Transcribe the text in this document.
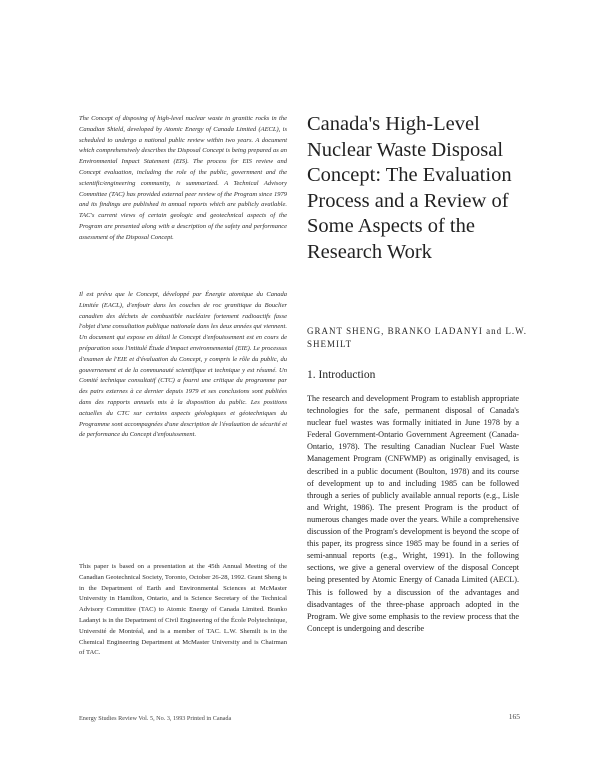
The Concept of disposing of high-level nuclear waste in granitic rocks in the Canadian Shield, developed by Atomic Energy of Canada Limited (AECL), is scheduled to undergo a national public review within two years. A document which comprehensively describes the Disposal Concept is being prepared as an Environmental Impact Statement (EIS). The process for EIS review and Concept evaluation, including the role of the public, government and the scientific/engineering community, is summarized. A Technical Advisory Committee (TAC) has provided external peer review of the Program since 1979 and its findings are published in annual reports which are publicly available. TAC's current views of certain geologic and geotechnical aspects of the Program are presented along with a description of the safety and performance assessment of the Disposal Concept.

Il est prévu que le Concept, développé par Énergie atomique du Canada Limitée (EACL), d'enfouir dans les couches de roc granitique du Bouclier canadien des déchets de combustible nucléaire fortement radioactifs fasse l'objet d'une consultation publique nationale dans les deux années qui viennent. Un document qui expose en détail le Concept d'enfouissement est en cours de préparation sous l'intitulé Étude d'impact environnemental (EIE). Le processus d'examen de l'EIE et d'évaluation du Concept, y compris le rôle du public, du gouvernement et de la communauté scientifique et technique y est résumé. Un Comité technique consultatif (CTC) a fourni une critique du programme par des pairs externes à ce dernier depuis 1979 et ses conclusions sont publiées dans des rapports annuels mis à la disposition du public. Les positions actuelles du CTC sur certains aspects géologiques et géotechniques du Programme sont accompagnées d'une description de l'évaluation de sécurité et de performance du Concept d'enfouissement.

This paper is based on a presentation at the 45th Annual Meeting of the Canadian Geotechnical Society, Toronto, October 26-28, 1992. Grant Sheng is in the Department of Earth and Environmental Sciences at McMaster University in Hamilton, Ontario, and is Science Secretary of the Technical Advisory Committee (TAC) to Atomic Energy of Canada Limited. Branko Ladanyi is in the Department of Civil Engineering of the École Polytechnique, Université de Montréal, and is a member of TAC. L.W. Shemilt is in the Chemical Engineering Department at McMaster University and is Chairman of TAC.

Canada's High-Level Nuclear Waste Disposal Concept: The Evaluation Process and a Review of Some Aspects of the Research Work

GRANT SHENG, BRANKO LADANYI and L.W. SHEMILT

1. Introduction

The research and development Program to establish appropriate technologies for the safe, permanent disposal of Canada's nuclear fuel wastes was formally initiated in June 1978 by a Federal Government-Ontario Government Agreement (Canada-Ontario, 1978). The resulting Canadian Nuclear Fuel Waste Management Program (CNFWMP) as originally envisaged, is described in a public document (Boulton, 1978) and its course of development up to and including 1985 can be followed through a series of publicly available annual reports (e.g., Lisle and Wright, 1986). The present Program is the product of numerous changes made over the years. While a comprehensive discussion of the Program's development is beyond the scope of this paper, its progress since 1985 may be found in a series of semi-annual reports (e.g., Wright, 1991). In the following sections, we give a general overview of the disposal Concept being presented by Atomic Energy of Canada Limited (AECL). This is followed by a discussion of the advantages and disadvantages of the three-phase approach adopted in the Program. We give some emphasis to the review process that the Concept is undergoing and describe

Energy Studies Review Vol. 5, No. 3, 1993 Printed in Canada	165
